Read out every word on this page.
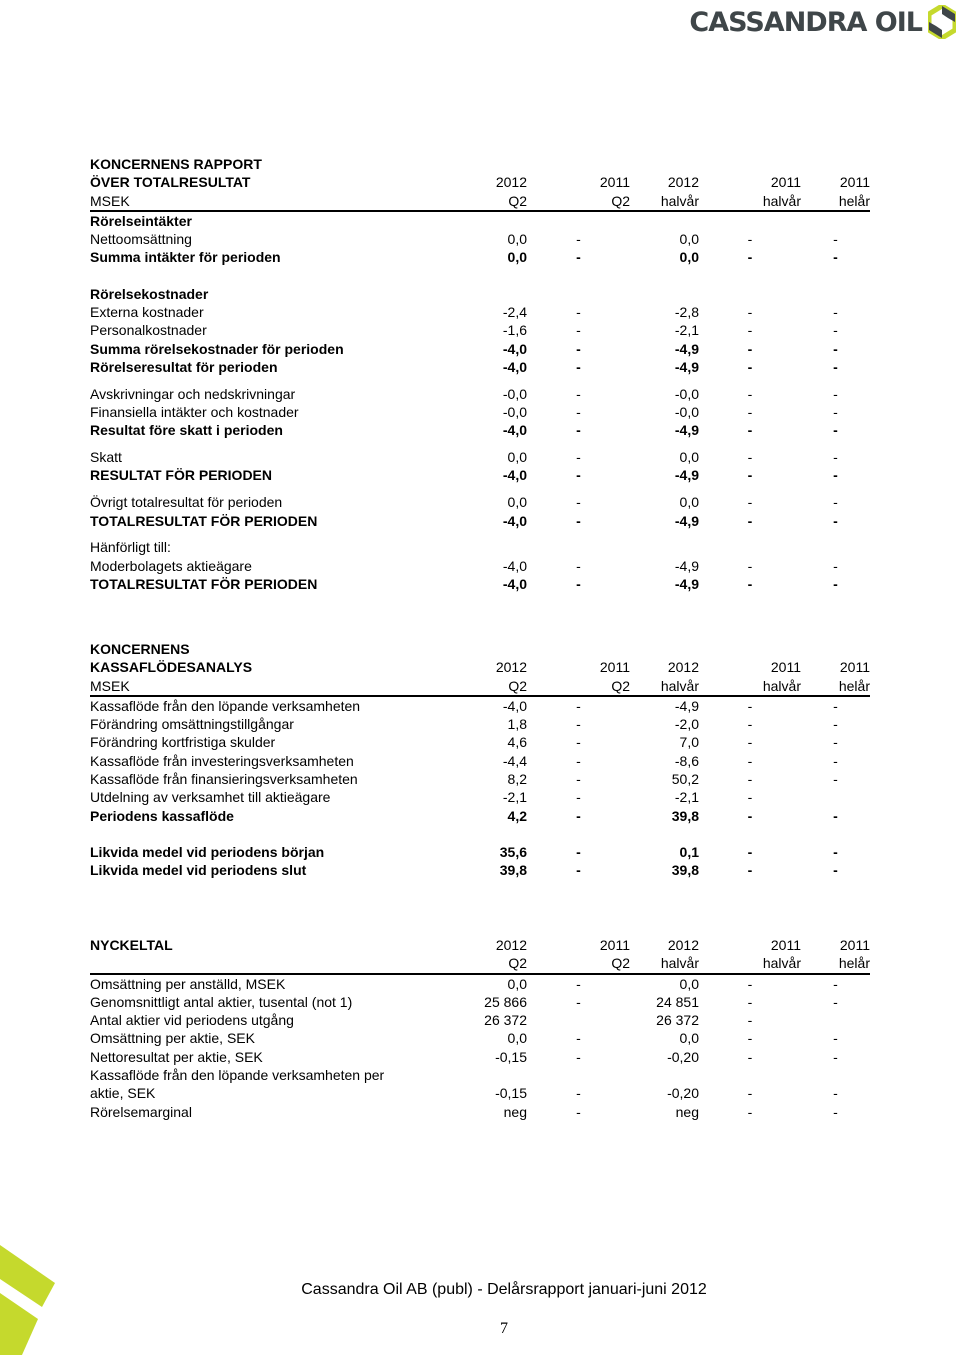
CASSANDRA OIL
KONCERNENS RAPPORT					
ÖVER TOTALRESULTAT	2012	2011	2012	2011	2011
MSEK	Q2	Q2	halvår	halvår	helår
Rörelseintäkter					
Nettoomsättning	0,0	-	0,0	-	-
Summa intäkter för perioden	0,0	-	0,0	-	-

Rörelsekostnader					
Externa kostnader	-2,4	-	-2,8	-	-
Personalkostnader	-1,6	-	-2,1	-	-
Summa rörelsekostnader för perioden	-4,0	-	-4,9	-	-
Rörelseresultat för perioden	-4,0	-	-4,9	-	-

Avskrivningar och nedskrivningar	-0,0	-	-0,0	-	-
Finansiella intäkter och kostnader	-0,0	-	-0,0	-	-
Resultat före skatt i perioden	-4,0	-	-4,9	-	-

Skatt	0,0	-	0,0	-	-
RESULTAT FÖR PERIODEN	-4,0	-	-4,9	-	-

Övrigt totalresultat för perioden	0,0	-	0,0	-	-
TOTALRESULTAT FÖR PERIODEN	-4,0	-	-4,9	-	-

Hänförligt till:					
Moderbolagets aktieägare	-4,0	-	-4,9	-	-
TOTALRESULTAT FÖR PERIODEN	-4,0	-	-4,9	-	-
KONCERNENS					
KASSAFLÖDESANALYS	2012	2011	2012	2011	2011
MSEK	Q2	Q2	halvår	halvår	helår
Kassaflöde från den löpande verksamheten	-4,0	-	-4,9	-	-
Förändring omsättningstillgångar	1,8	-	-2,0	-	-
Förändring kortfristiga skulder	4,6	-	7,0	-	-
Kassaflöde från investeringsverksamheten	-4,4	-	-8,6	-	-
Kassaflöde från finansieringsverksamheten	8,2	-	50,2	-	-
Utdelning av verksamhet till aktieägare	-2,1	-	-2,1	-	
Periodens kassaflöde	4,2	-	39,8	-	-

Likvida medel vid periodens början	35,6	-	0,1	-	-
Likvida medel vid periodens slut	39,8	-	39,8	-	-
NYCKELTAL	2012	2011	2012	2011	2011
	Q2	Q2	halvår	halvår	helår
Omsättning per anställd, MSEK	0,0	-	0,0	-	-
Genomsnittligt antal aktier, tusental (not 1)	25 866	-	24 851	-	-
Antal aktier vid periodens utgång	26 372		26 372	-	
Omsättning per aktie, SEK	0,0	-	0,0	-	-
Nettoresultat per aktie, SEK	-0,15	-	-0,20	-	-
Kassaflöde från den löpande verksamheten per					
aktie, SEK	-0,15	-	-0,20	-	-
Rörelsemarginal	neg	-	neg	-	-
Cassandra Oil AB (publ) - Delårsrapport januari-juni 2012
7
